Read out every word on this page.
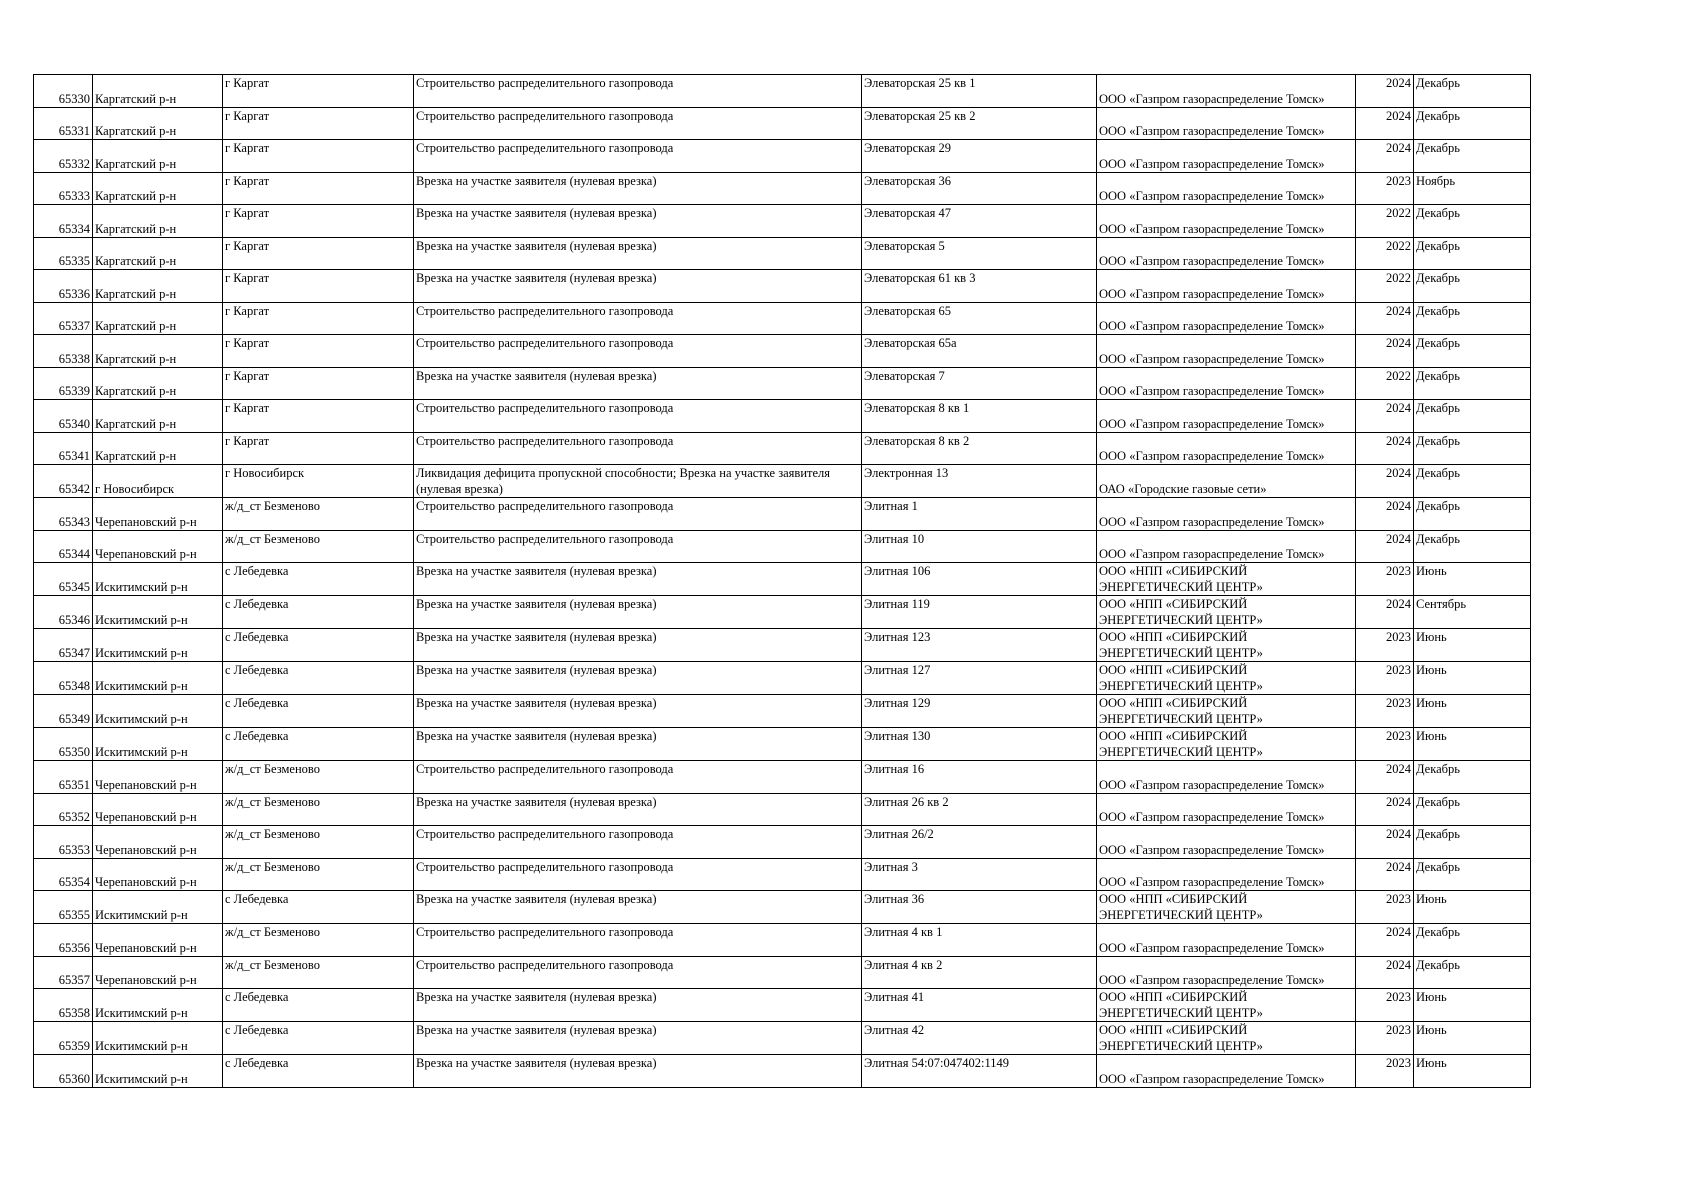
65330	Каргатский р-н	г Каргат	Строительство распределительного газопровода	Элеваторская 25 кв 1	ООО «Газпром газораспределение Томск»	2024	Декабрь
65331	Каргатский р-н	г Каргат	Строительство распределительного газопровода	Элеваторская 25 кв 2	ООО «Газпром газораспределение Томск»	2024	Декабрь
65332	Каргатский р-н	г Каргат	Строительство распределительного газопровода	Элеваторская 29	ООО «Газпром газораспределение Томск»	2024	Декабрь
65333	Каргатский р-н	г Каргат	Врезка на участке заявителя (нулевая врезка)	Элеваторская 36	ООО «Газпром газораспределение Томск»	2023	Ноябрь
65334	Каргатский р-н	г Каргат	Врезка на участке заявителя (нулевая врезка)	Элеваторская 47	ООО «Газпром газораспределение Томск»	2022	Декабрь
65335	Каргатский р-н	г Каргат	Врезка на участке заявителя (нулевая врезка)	Элеваторская 5	ООО «Газпром газораспределение Томск»	2022	Декабрь
65336	Каргатский р-н	г Каргат	Врезка на участке заявителя (нулевая врезка)	Элеваторская 61 кв 3	ООО «Газпром газораспределение Томск»	2022	Декабрь
65337	Каргатский р-н	г Каргат	Строительство распределительного газопровода	Элеваторская 65	ООО «Газпром газораспределение Томск»	2024	Декабрь
65338	Каргатский р-н	г Каргат	Строительство распределительного газопровода	Элеваторская 65а	ООО «Газпром газораспределение Томск»	2024	Декабрь
65339	Каргатский р-н	г Каргат	Врезка на участке заявителя (нулевая врезка)	Элеваторская 7	ООО «Газпром газораспределение Томск»	2022	Декабрь
65340	Каргатский р-н	г Каргат	Строительство распределительного газопровода	Элеваторская 8 кв 1	ООО «Газпром газораспределение Томск»	2024	Декабрь
65341	Каргатский р-н	г Каргат	Строительство распределительного газопровода	Элеваторская 8 кв 2	ООО «Газпром газораспределение Томск»	2024	Декабрь
65342	г Новосибирск	г Новосибирск	Ликвидация дефицита пропускной способности; Врезка на участке заявителя (нулевая врезка)	Электронная 13	ОАО «Городские газовые сети»	2024	Декабрь
65343	Черепановский р-н	ж/д_ст Безменово	Строительство распределительного газопровода	Элитная 1	ООО «Газпром газораспределение Томск»	2024	Декабрь
65344	Черепановский р-н	ж/д_ст Безменово	Строительство распределительного газопровода	Элитная 10	ООО «Газпром газораспределение Томск»	2024	Декабрь
65345	Искитимский р-н	с Лебедевка	Врезка на участке заявителя (нулевая врезка)	Элитная 106	ООО «НПП «СИБИРСКИЙ ЭНЕРГЕТИЧЕСКИЙ ЦЕНТР»	2023	Июнь
65346	Искитимский р-н	с Лебедевка	Врезка на участке заявителя (нулевая врезка)	Элитная 119	ООО «НПП «СИБИРСКИЙ ЭНЕРГЕТИЧЕСКИЙ ЦЕНТР»	2024	Сентябрь
65347	Искитимский р-н	с Лебедевка	Врезка на участке заявителя (нулевая врезка)	Элитная 123	ООО «НПП «СИБИРСКИЙ ЭНЕРГЕТИЧЕСКИЙ ЦЕНТР»	2023	Июнь
65348	Искитимский р-н	с Лебедевка	Врезка на участке заявителя (нулевая врезка)	Элитная 127	ООО «НПП «СИБИРСКИЙ ЭНЕРГЕТИЧЕСКИЙ ЦЕНТР»	2023	Июнь
65349	Искитимский р-н	с Лебедевка	Врезка на участке заявителя (нулевая врезка)	Элитная 129	ООО «НПП «СИБИРСКИЙ ЭНЕРГЕТИЧЕСКИЙ ЦЕНТР»	2023	Июнь
65350	Искитимский р-н	с Лебедевка	Врезка на участке заявителя (нулевая врезка)	Элитная 130	ООО «НПП «СИБИРСКИЙ ЭНЕРГЕТИЧЕСКИЙ ЦЕНТР»	2023	Июнь
65351	Черепановский р-н	ж/д_ст Безменово	Строительство распределительного газопровода	Элитная 16	ООО «Газпром газораспределение Томск»	2024	Декабрь
65352	Черепановский р-н	ж/д_ст Безменово	Врезка на участке заявителя (нулевая врезка)	Элитная 26 кв 2	ООО «Газпром газораспределение Томск»	2024	Декабрь
65353	Черепановский р-н	ж/д_ст Безменово	Строительство распределительного газопровода	Элитная 26/2	ООО «Газпром газораспределение Томск»	2024	Декабрь
65354	Черепановский р-н	ж/д_ст Безменово	Строительство распределительного газопровода	Элитная 3	ООО «Газпром газораспределение Томск»	2024	Декабрь
65355	Искитимский р-н	с Лебедевка	Врезка на участке заявителя (нулевая врезка)	Элитная 36	ООО «НПП «СИБИРСКИЙ ЭНЕРГЕТИЧЕСКИЙ ЦЕНТР»	2023	Июнь
65356	Черепановский р-н	ж/д_ст Безменово	Строительство распределительного газопровода	Элитная 4 кв 1	ООО «Газпром газораспределение Томск»	2024	Декабрь
65357	Черепановский р-н	ж/д_ст Безменово	Строительство распределительного газопровода	Элитная 4 кв 2	ООО «Газпром газораспределение Томск»	2024	Декабрь
65358	Искитимский р-н	с Лебедевка	Врезка на участке заявителя (нулевая врезка)	Элитная 41	ООО «НПП «СИБИРСКИЙ ЭНЕРГЕТИЧЕСКИЙ ЦЕНТР»	2023	Июнь
65359	Искитимский р-н	с Лебедевка	Врезка на участке заявителя (нулевая врезка)	Элитная 42	ООО «НПП «СИБИРСКИЙ ЭНЕРГЕТИЧЕСКИЙ ЦЕНТР»	2023	Июнь
65360	Искитимский р-н	с Лебедевка	Врезка на участке заявителя (нулевая врезка)	Элитная 54:07:047402:1149	ООО «Газпром газораспределение Томск»	2023	Июнь
